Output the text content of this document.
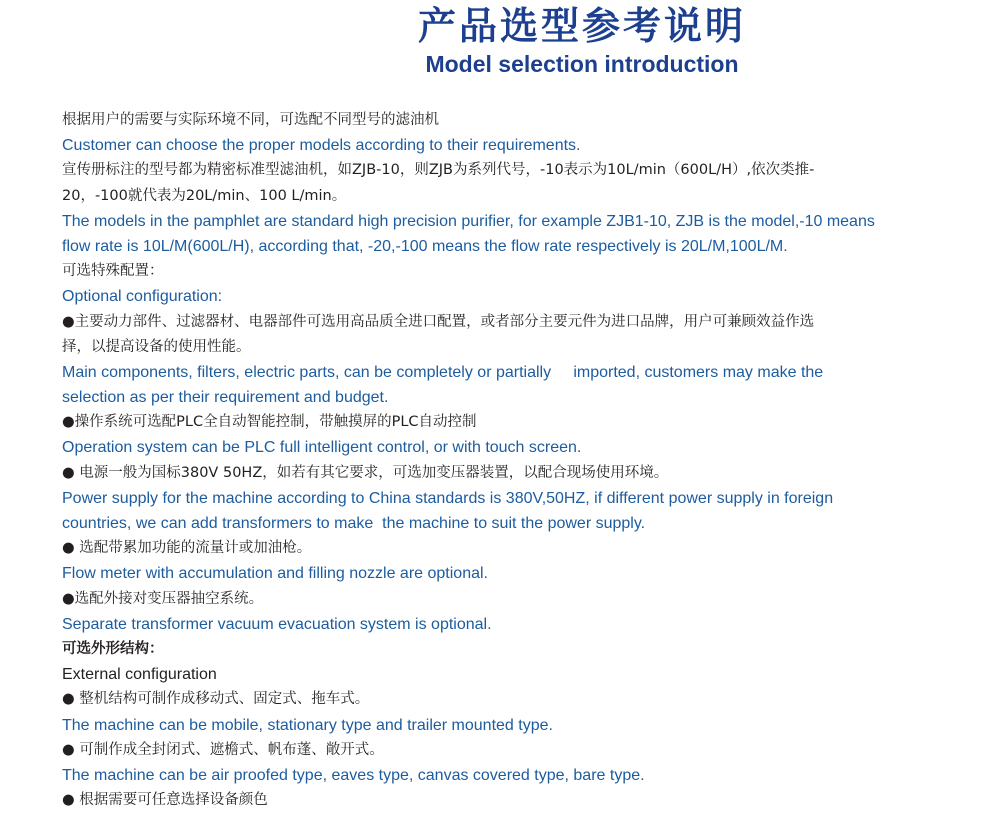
产品选型参考说明
Model selection introduction
根据用户的需要与实际环境不同，可选配不同型号的滤油机
Customer can choose the proper models according to their requirements.
宣传册标注的型号都为精密标准型滤油机，如ZJB-10，则ZJB为系列代号，-10表示为10L/min（600L/H）,依次类推-
20，-100就代表为20L/min、100 L/min。
The models in the pamphlet are standard high precision purifier, for example ZJB1-10, ZJB is the model,-10 means
flow rate is 10L/M(600L/H), according that, -20,-100 means the flow rate respectively is 20L/M,100L/M.
可选特殊配置：
Optional configuration:
●主要动力部件、过滤器材、电器部件可选用高品质全进口配置，或者部分主要元件为进口品牌，用户可兼顾效益作选
择，以提高设备的使用性能。
Main components, filters, electric parts, can be completely or partially     imported, customers may make the
selection as per their requirement and budget.
●操作系统可选配PLC全自动智能控制，带触摸屏的PLC自动控制
Operation system can be PLC full intelligent control, or with touch screen.
● 电源一般为国标380V 50HZ，如若有其它要求，可选加变压器装置，以配合现场使用环境。
Power supply for the machine according to China standards is 380V,50HZ, if different power supply in foreign
countries, we can add transformers to make  the machine to suit the power supply.
● 选配带累加功能的流量计或加油枪。
Flow meter with accumulation and filling nozzle are optional.
●选配外接对变压器抽空系统。
Separate transformer vacuum evacuation system is optional.
可选外形结构：
External configuration
● 整机结构可制作成移动式、固定式、拖车式。
The machine can be mobile, stationary type and trailer mounted type.
● 可制作成全封闭式、遮檐式、帆布蓬、敞开式。
The machine can be air proofed type, eaves type, canvas covered type, bare type.
● 根据需要可任意选择设备颜色
